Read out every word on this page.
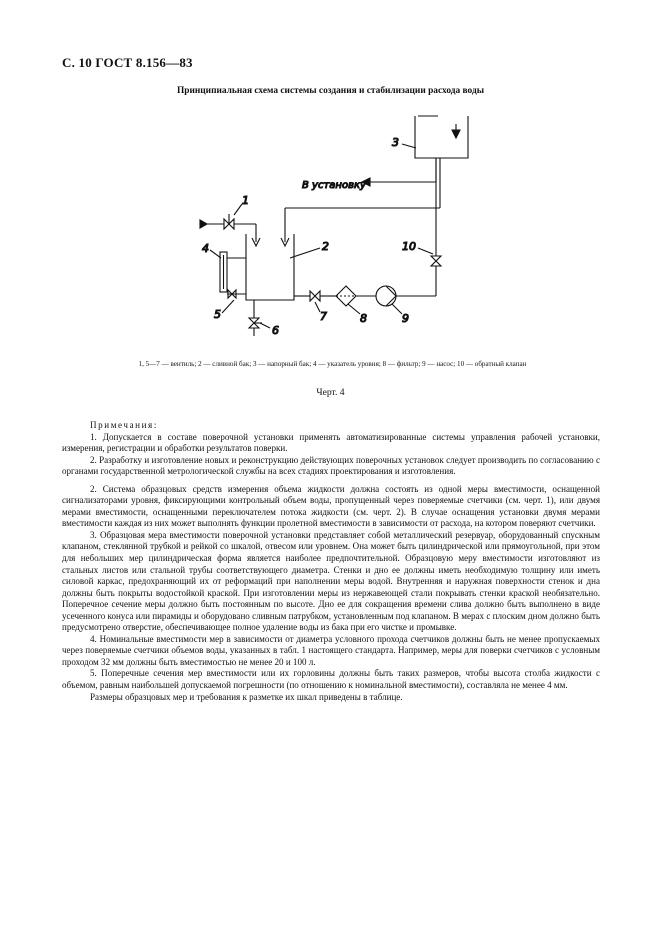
С. 10 ГОСТ 8.156—83
Принципиальная схема системы создания и стабилизации расхода воды
В установку
1
2
3
4
5
6
7	8	9
10
1, 5—7 — вентиль; 2 — сливной бак; 3 — напорный бак; 4 — указатель уровня; 8 — фильтр; 9 — насос; 10 — обратный клапан
Черт. 4

Примечания:

1. Допускается в составе поверочной установки применять автоматизированные системы управления рабочей установки, измерения, регистрации и обработки результатов поверки.

2. Разработку и изготовление новых и реконструкцию действующих поверочных установок следует производить по согласованию с органами государственной метрологической службы на всех стадиях проектирования и изготовления.

2. Система образцовых средств измерения объема жидкости должна состоять из одной меры вместимости, оснащенной сигнализаторами уровня, фиксирующими контрольный объем воды, пропущенный через поверяемые счетчики (см. черт. 1), или двумя мерами вместимости, оснащенными переключателем потока жидкости (см. черт. 2). В случае оснащения установки двумя мерами вместимости каждая из них может выполнять функции пролетной вместимости в зависимости от расхода, на котором поверяют счетчики.

3. Образцовая мера вместимости поверочной установки представляет собой металлический резервуар, оборудованный спускным клапаном, стеклянной трубкой и рейкой со шкалой, отвесом или уровнем. Она может быть цилиндрической или прямоугольной, при этом для небольших мер цилиндрическая форма является наиболее предпочтительной. Образцовую меру вместимости изготовляют из стальных листов или стальной трубы соответствующего диаметра. Стенки и дно ее должны иметь необходимую толщину или иметь силовой каркас, предохраняющий их от реформаций при наполнении меры водой. Внутренняя и наружная поверхности стенок и дна должны быть покрыты водостойкой краской. При изготовлении меры из нержавеющей стали покрывать стенки краской необязательно. Поперечное сечение меры должно быть постоянным по высоте. Дно ее для сокращения времени слива должно быть выполнено в виде усеченного конуса или пирамиды и оборудовано сливным патрубком, установленным под клапаном. В мерах с плоским дном должно быть предусмотрено отверстие, обеспечивающее полное удаление воды из бака при его чистке и промывке.

4. Номинальные вместимости мер в зависимости от диаметра условного прохода счетчиков должны быть не менее пропускаемых через поверяемые счетчики объемов воды, указанных в табл. 1 настоящего стандарта. Например, меры для поверки счетчиков с условным проходом 32 мм должны быть вместимостью не менее 20 и 100 л.

5. Поперечные сечения мер вместимости или их горловины должны быть таких размеров, чтобы высота столба жидкости с объемом, равным наибольшей допускаемой погрешности (по отношению к номинальной вместимости), составляла не менее 4 мм.

Размеры образцовых мер и требования к разметке их шкал приведены в таблице.
